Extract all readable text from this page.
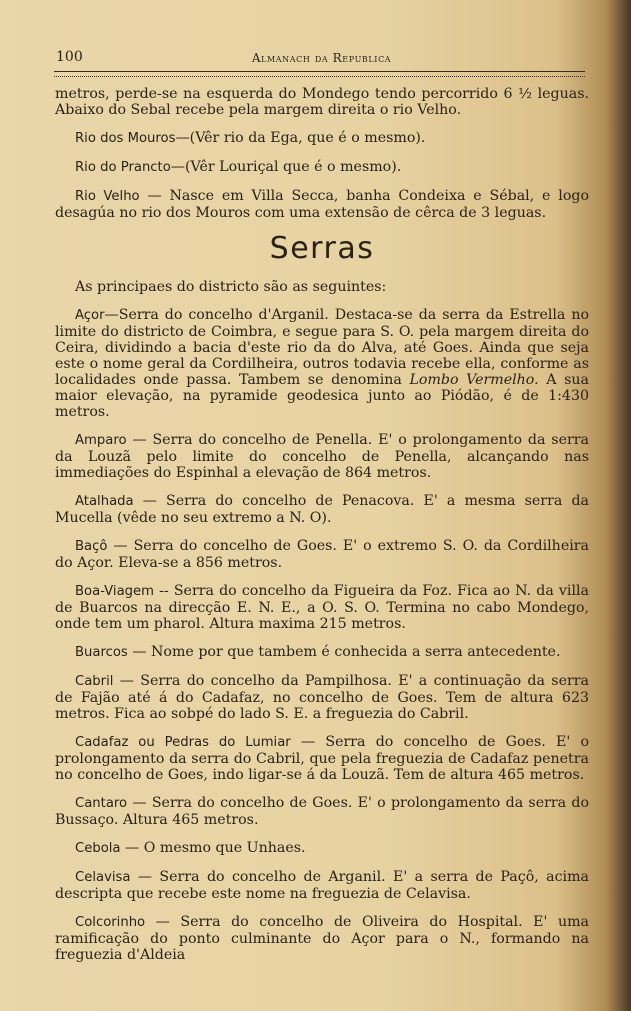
100	Almanach da Republica

metros, perde-se na esquerda do Mondego tendo percorrido 6 ½ leguas. Abaixo do Sebal recebe pela margem direita o rio Velho.

Rio dos Mouros—(Vêr rio da Ega, que é o mesmo).

Rio do Prancto—(Vêr Louriçal que é o mesmo).

Rio Velho — Nasce em Villa Secca, banha Condeixa e Sébal, e logo desagúa no rio dos Mouros com uma extensão de cêrca de 3 leguas.

Serras

As principaes do districto são as seguintes:

Açor—Serra do concelho d'Arganil. Destaca-se da serra da Estrella no limite do districto de Coimbra, e segue para S. O. pela margem direita do Ceira, dividindo a bacia d'este rio da do Alva, até Goes. Ainda que seja este o nome geral da Cordilheira, outros todavia recebe ella, conforme as localidades onde passa. Tambem se denomina Lombo Vermelho. A sua maior elevação, na pyramide geodesica junto ao Piódão, é de 1:430 metros.

Amparo — Serra do concelho de Penella. E' o prolongamento da serra da Louzã pelo limite do concelho de Penella, alcançando nas immediações do Espinhal a elevação de 864 metros.

Atalhada — Serra do concelho de Penacova. E' a mesma serra da Mucella (vêde no seu extremo a N. O).

Baçô — Serra do concelho de Goes. E' o extremo S. O. da Cordilheira do Açor. Eleva-se a 856 metros.

Boa-Viagem -- Serra do concelho da Figueira da Foz. Fica ao N. da villa de Buarcos na direcção E. N. E., a O. S. O. Termina no cabo Mondego, onde tem um pharol. Altura maxima 215 metros.

Buarcos — Nome por que tambem é conhecida a serra antecedente.

Cabril — Serra do concelho da Pampilhosa. E' a continuação da serra de Fajão até á do Cadafaz, no concelho de Goes. Tem de altura 623 metros. Fica ao sobpé do lado S. E. a freguezia do Cabril.

Cadafaz ou Pedras do Lumiar — Serra do concelho de Goes. E' o prolongamento da serra do Cabril, que pela freguezia de Cadafaz penetra no concelho de Goes, indo ligar-se á da Louzã. Tem de altura 465 metros.

Cantaro — Serra do concelho de Goes. E' o prolongamento da serra do Bussaço. Altura 465 metros.

Cebola — O mesmo que Unhaes.

Celavisa — Serra do concelho de Arganil. E' a serra de Paçô, acima descripta que recebe este nome na freguezia de Celavisa.

Colcorinho — Serra do concelho de Oliveira do Hospital. E' uma ramificação do ponto culminante do Açor para o N., formando na freguezia d'Aldeia
